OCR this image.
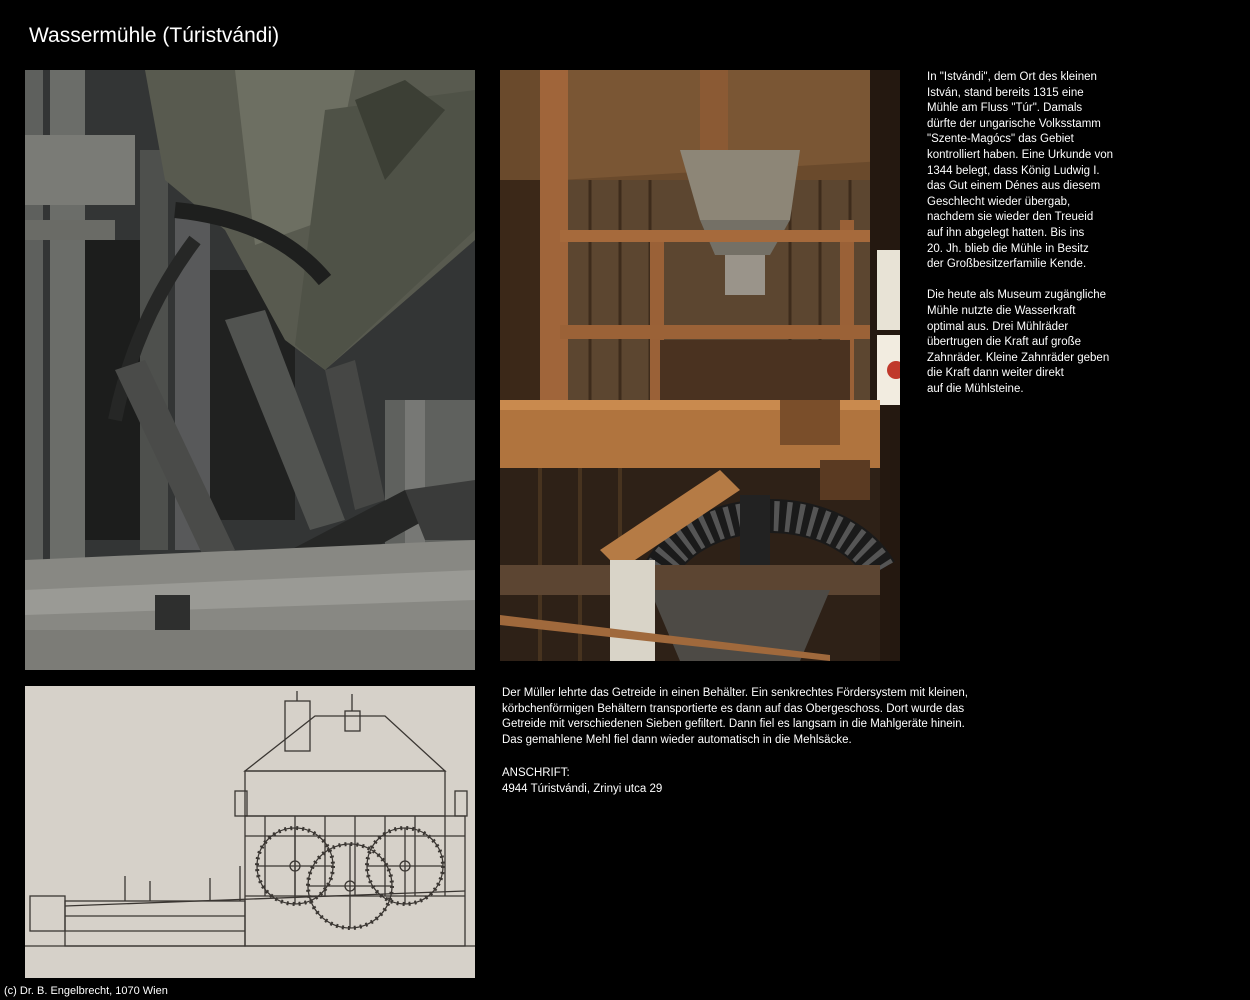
Wassermühle (Túristvándi)

In "Istvándi", dem Ort des kleinen
István, stand bereits 1315 eine
Mühle am Fluss "Túr". Damals
dürfte der ungarische Volksstamm
"Szente-Magócs" das Gebiet
kontrolliert haben. Eine Urkunde von
1344 belegt, dass König Ludwig I.
das Gut einem Dénes aus diesem
Geschlecht wieder übergab,
nachdem sie wieder den Treueid
auf ihn abgelegt hatten. Bis ins
20. Jh. blieb die Mühle in Besitz
der Großbesitzerfamilie Kende.

Die heute als Museum zugängliche
Mühle nutzte die Wasserkraft
optimal aus. Drei Mühlräder
übertrugen die Kraft auf große
Zahnräder. Kleine Zahnräder geben
die Kraft dann weiter direkt
auf die Mühlsteine.

Der Müller lehrte das Getreide in einen Behälter. Ein senkrechtes Fördersystem mit kleinen,
körbchenförmigen Behältern transportierte es dann auf das Obergeschoss. Dort wurde das
Getreide mit verschiedenen Sieben gefiltert. Dann fiel es langsam in die Mahlgeräte hinein.
Das gemahlene Mehl fiel dann wieder automatisch in die Mehlsäcke.

ANSCHRIFT:

4944 Túristvándi, Zrinyi utca 29

(c) Dr. B. Engelbrecht, 1070 Wien
